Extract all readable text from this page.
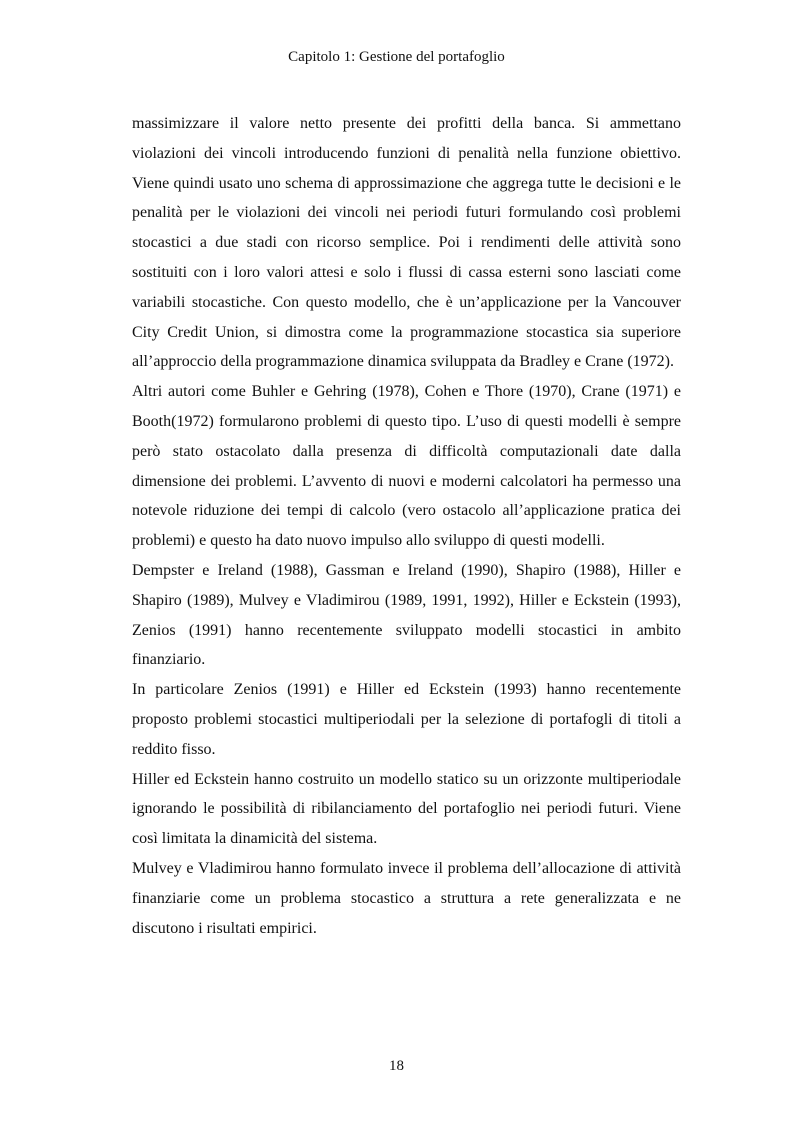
Capitolo 1: Gestione del portafoglio

massimizzare il valore netto presente dei profitti della banca. Si ammettano violazioni dei vincoli introducendo funzioni di penalità nella funzione obiettivo. Viene quindi usato uno schema di approssimazione che aggrega tutte le decisioni e le penalità per le violazioni dei vincoli nei periodi futuri formulando così problemi stocastici a due stadi con ricorso semplice. Poi i rendimenti delle attività sono sostituiti con i loro valori attesi e solo i flussi di cassa esterni sono lasciati come variabili stocastiche. Con questo modello, che è un’applicazione per la Vancouver City Credit Union, si dimostra come la programmazione stocastica sia superiore all’approccio della programmazione dinamica sviluppata da Bradley e Crane (1972).

Altri autori come Buhler e Gehring (1978), Cohen e Thore (1970), Crane (1971) e Booth(1972) formularono problemi di questo tipo. L’uso di questi modelli è sempre però stato ostacolato dalla presenza di difficoltà computazionali date dalla dimensione dei problemi. L’avvento di nuovi e moderni calcolatori ha permesso una notevole riduzione dei tempi di calcolo (vero ostacolo all’applicazione pratica dei problemi) e questo ha dato nuovo impulso allo sviluppo di questi modelli.

Dempster e Ireland (1988), Gassman e Ireland (1990), Shapiro (1988), Hiller e Shapiro (1989), Mulvey e Vladimirou (1989, 1991, 1992), Hiller e Eckstein (1993), Zenios (1991) hanno recentemente sviluppato modelli stocastici in ambito finanziario.

In particolare Zenios (1991) e Hiller ed Eckstein (1993) hanno recentemente proposto problemi stocastici multiperiodali per la selezione di portafogli di titoli a reddito fisso.

Hiller ed Eckstein hanno costruito un modello statico su un orizzonte multiperiodale ignorando le possibilità di ribilanciamento del portafoglio nei periodi futuri. Viene così limitata la dinamicità del sistema.

Mulvey e Vladimirou hanno formulato invece il problema dell’allocazione di attività finanziarie come un problema stocastico a struttura a rete generalizzata e ne discutono i risultati empirici.

18
